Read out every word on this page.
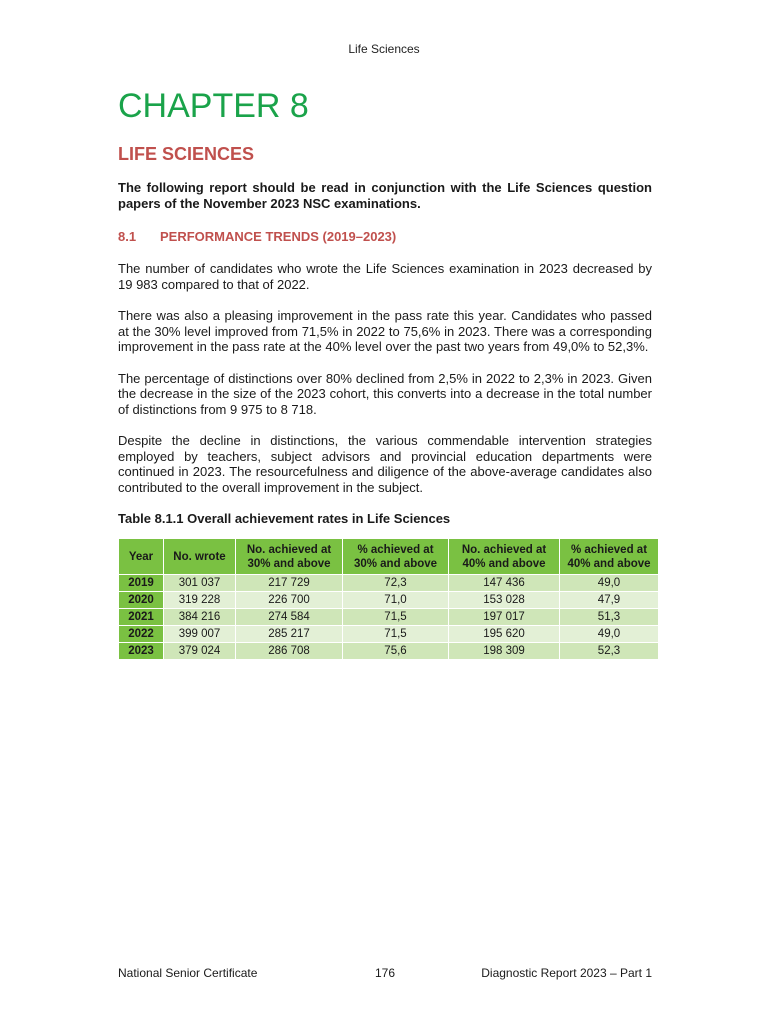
Life Sciences
CHAPTER 8
LIFE SCIENCES

The following report should be read in conjunction with the Life Sciences question papers of the November 2023 NSC examinations.

8.1 PERFORMANCE TRENDS (2019–2023)

The number of candidates who wrote the Life Sciences examination in 2023 decreased by 19 983 compared to that of 2022.

There was also a pleasing improvement in the pass rate this year. Candidates who passed at the 30% level improved from 71,5% in 2022 to 75,6% in 2023. There was a corresponding improvement in the pass rate at the 40% level over the past two years from 49,0% to 52,3%.

The percentage of distinctions over 80% declined from 2,5% in 2022 to 2,3% in 2023. Given the decrease in the size of the 2023 cohort, this converts into a decrease in the total number of distinctions from 9 975 to 8 718.

Despite the decline in distinctions, the various commendable intervention strategies employed by teachers, subject advisors and provincial education departments were continued in 2023. The resourcefulness and diligence of the above-average candidates also contributed to the overall improvement in the subject.

Table 8.1.1 Overall achievement rates in Life Sciences
Year	No. wrote	No. achieved at 30% and above	% achieved at 30% and above	No. achieved at 40% and above	% achieved at 40% and above
2019	301 037	217 729	72,3	147 436	49,0
2020	319 228	226 700	71,0	153 028	47,9
2021	384 216	274 584	71,5	197 017	51,3
2022	399 007	285 217	71,5	195 620	49,0
2023	379 024	286 708	75,6	198 309	52,3
National Senior Certificate	176	Diagnostic Report 2023 – Part 1
